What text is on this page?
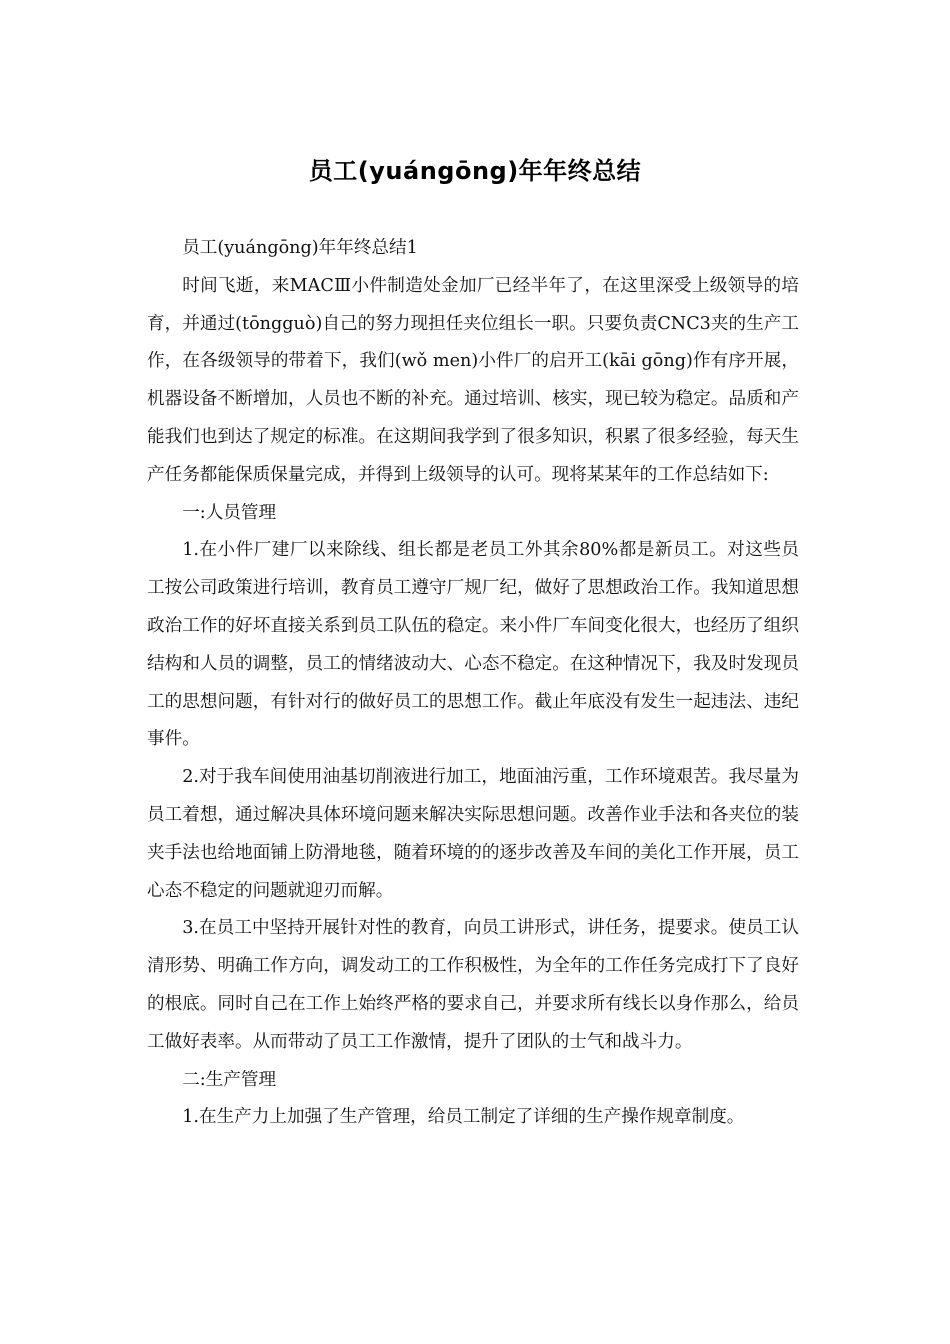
员工(yuángōng)年年终总结

员工(yuángōng)年年终总结1

时间飞逝，来MACⅢ小件制造处金加厂已经半年了，在这里深受上级领导的培育，并通过(tōngguò)自己的努力现担任夹位组长一职。只要负责CNC3夹的生产工作，在各级领导的带着下，我们(wǒ men)小件厂的启开工(kāi gōng)作有序开展，机器设备不断增加，人员也不断的补充。通过培训、核实，现已较为稳定。品质和产能我们也到达了规定的标准。在这期间我学到了很多知识，积累了很多经验，每天生产任务都能保质保量完成，并得到上级领导的认可。现将某某年的工作总结如下:

一:人员管理

1.在小件厂建厂以来除线、组长都是老员工外其余80%都是新员工。对这些员工按公司政策进行培训，教育员工遵守厂规厂纪，做好了思想政治工作。我知道思想政治工作的好坏直接关系到员工队伍的稳定。来小件厂车间变化很大，也经历了组织结构和人员的调整，员工的情绪波动大、心态不稳定。在这种情况下，我及时发现员工的思想问题，有针对行的做好员工的思想工作。截止年底没有发生一起违法、违纪事件。

2.对于我车间使用油基切削液进行加工，地面油污重，工作环境艰苦。我尽量为员工着想，通过解决具体环境问题来解决实际思想问题。改善作业手法和各夹位的装夹手法也给地面铺上防滑地毯，随着环境的的逐步改善及车间的美化工作开展，员工心态不稳定的问题就迎刃而解。

3.在员工中坚持开展针对性的教育，向员工讲形式，讲任务，提要求。使员工认清形势、明确工作方向，调发动工的工作积极性，为全年的工作任务完成打下了良好的根底。同时自己在工作上始终严格的要求自己，并要求所有线长以身作那么，给员工做好表率。从而带动了员工工作激情，提升了团队的士气和战斗力。

二:生产管理

1.在生产力上加强了生产管理，给员工制定了详细的生产操作规章制度。
